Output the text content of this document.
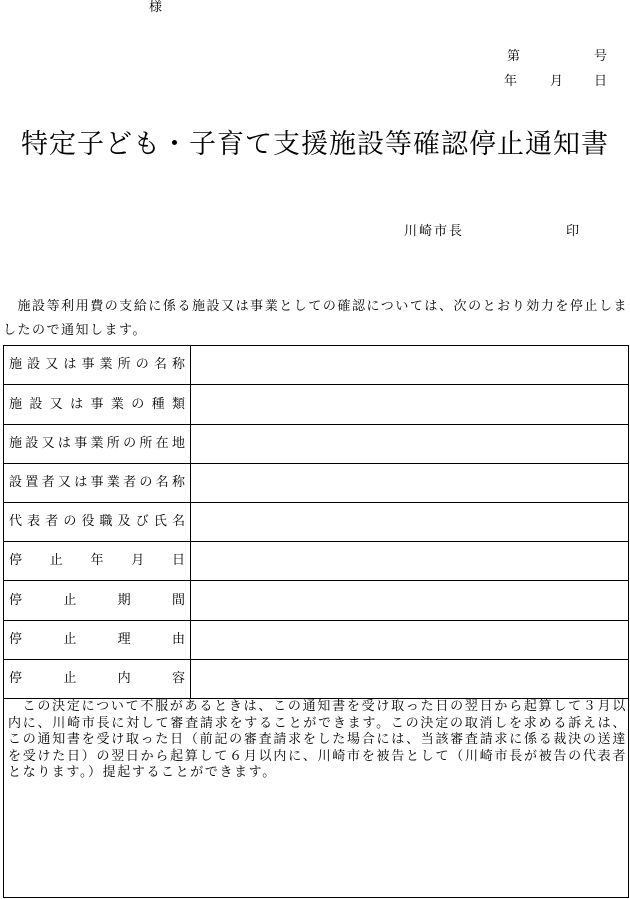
様
第	号
年	月 日
特定子ども・子育て支援施設等確認停止通知書
川崎市長	印

施設等利用費の支給に係る施設又は事業としての確認については、次のとおり効力を停止しましたので通知します。

施設又は事業所の名称
施設又は事業の種類
施設又は事業所の所在地
設置者又は事業者の名称
代表者の役職及び氏名
停止年月日
停止期間
停止理由
停止内容
この決定について不服があるときは、この通知書を受け取った日の翌日から起算して３月以内に、川崎市長に対して審査請求をすることができます。この決定の取消しを求める訴えは、この通知書を受け取った日（前記の審査請求をした場合には、当該審査請求に係る裁決の送達を受けた日）の翌日から起算して６月以内に、川崎市を被告として（川崎市長が被告の代表者となります。）提起することができます。
